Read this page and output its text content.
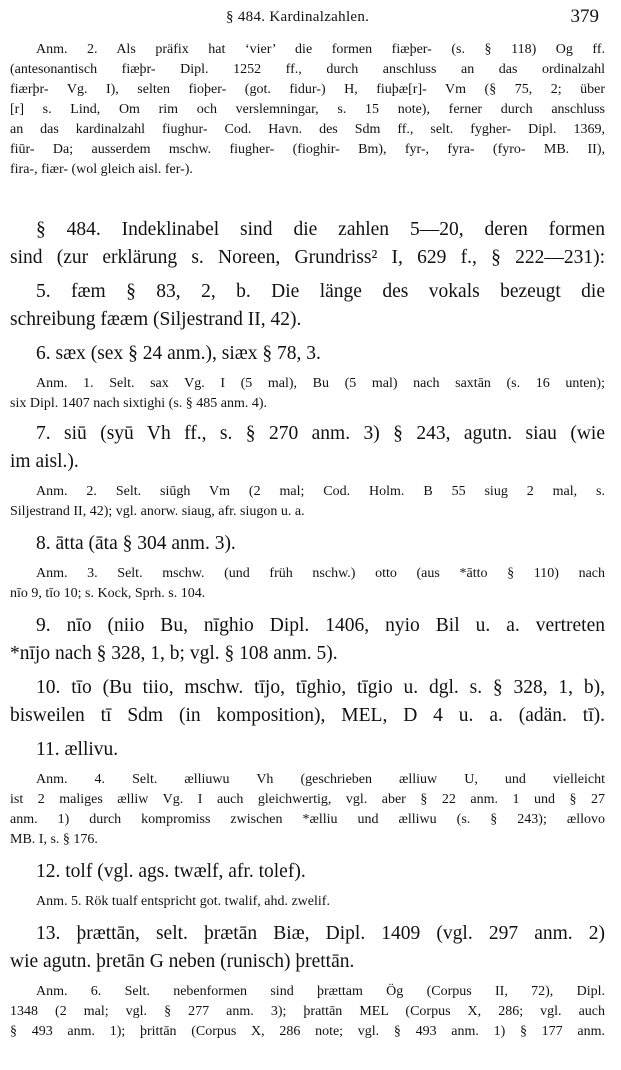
§ 484. Kardinalzahlen.	379
Anm. 2. Als präfix hat ‘vier’ die formen fiæþer- (s. § 118) Og ff.
(antesonantisch fiæþr- Dipl. 1252 ff., durch anschluss an das ordinalzahl
fiærþr- Vg. I), selten fioþer- (got. fidur-) H, fiuþæ[r]- Vm (§ 75, 2; über
[r] s. Lind, Om rim och verslemningar, s. 15 note), ferner durch anschluss
an das kardinalzahl fiughur- Cod. Havn. des Sdm ff., selt. fygher- Dipl. 1369,
fiūr- Da; ausserdem mschw. fiugher- (fioghir- Bm), fyr-, fyra- (fyro- MB. II),
fira-, fiær- (wol gleich aisl. fer-).
§ 484. Indeklinabel sind die zahlen 5—20, deren formen
sind (zur erklärung s. Noreen, Grundriss² I, 629 f., § 222—231):
5. fæm § 83, 2, b. Die länge des vokals bezeugt die
schreibung fææm (Siljestrand II, 42).
6. sæx (sex § 24 anm.), siæx § 78, 3.
Anm. 1. Selt. sax Vg. I (5 mal), Bu (5 mal) nach saxtān (s. 16 unten);
six Dipl. 1407 nach sixtighi (s. § 485 anm. 4).
7. siū (syū Vh ff., s. § 270 anm. 3) § 243, agutn. siau (wie
im aisl.).
Anm. 2. Selt. siūgh Vm (2 mal; Cod. Holm. B 55 siug 2 mal, s.
Siljestrand II, 42); vgl. anorw. siaug, afr. siugon u. a.
8. ātta (āta § 304 anm. 3).
Anm. 3. Selt. mschw. (und früh nschw.) otto (aus *ātto § 110) nach
nīo 9, tīo 10; s. Kock, Sprh. s. 104.
9. nīo (niio Bu, nīghio Dipl. 1406, nyio Bil u. a. vertreten
*nījo nach § 328, 1, b; vgl. § 108 anm. 5).
10. tīo (Bu tiio, mschw. tījo, tīghio, tīgio u. dgl. s. § 328, 1, b),
bisweilen tī Sdm (in komposition), MEL, D 4 u. a. (adän. tī).
11. ællivu.
Anm. 4. Selt. ælliuwu Vh (geschrieben ælliuw U, und vielleicht
ist 2 maliges ælliw Vg. I auch gleichwertig, vgl. aber § 22 anm. 1 und § 27
anm. 1) durch kompromiss zwischen *ælliu und ælliwu (s. § 243); ællovo
MB. I, s. § 176.
12. tolf (vgl. ags. twælf, afr. tolef).
Anm. 5. Rök tualf entspricht got. twalif, ahd. zwelif.
13. þrættān, selt. þrætān Biæ, Dipl. 1409 (vgl. 297 anm. 2)
wie agutn. þretān G neben (runisch) þrettān.
Anm. 6. Selt. nebenformen sind þrættam Ög (Corpus II, 72), Dipl.
1348 (2 mal; vgl. § 277 anm. 3); þrattān MEL (Corpus X, 286; vgl. auch
§ 493 anm. 1); þrittān (Corpus X, 286 note; vgl. § 493 anm. 1) § 177 anm.
